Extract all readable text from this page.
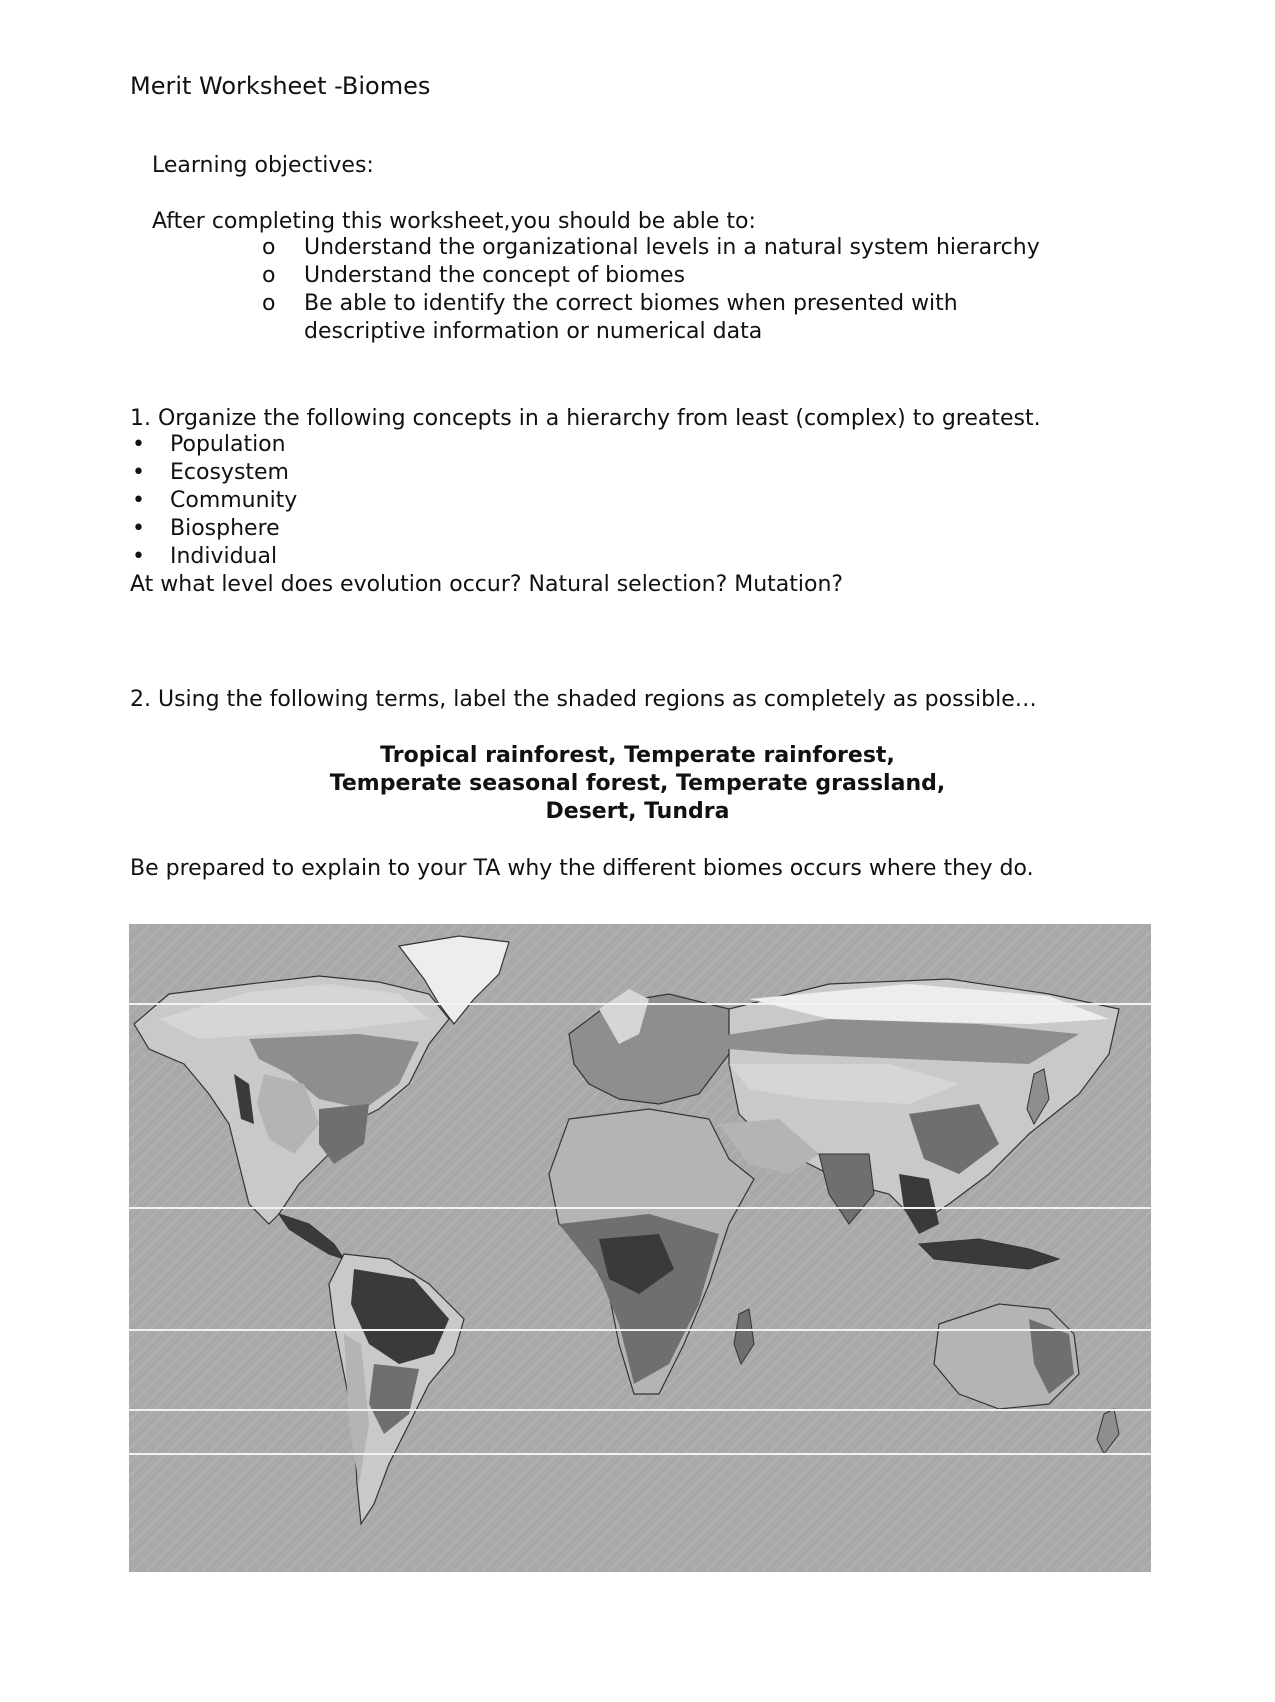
Merit Worksheet -Biomes
Learning objectives:
After completing this worksheet,you should be able to:
o Understand the organizational levels in a natural system hierarchy
o Understand the concept of biomes
o Be able to identify the correct biomes when presented with
descriptive information or numerical data
1. Organize the following concepts in a hierarchy from least (complex) to greatest.
• Population
• Ecosystem
• Community
• Biosphere
• Individual
At what level does evolution occur? Natural selection? Mutation?
2. Using the following terms, label the shaded regions as completely as possible…
Tropical rainforest, Temperate rainforest,
Temperate seasonal forest, Temperate grassland,
Desert, Tundra
Be prepared to explain to your TA why the different biomes occurs where they do.
